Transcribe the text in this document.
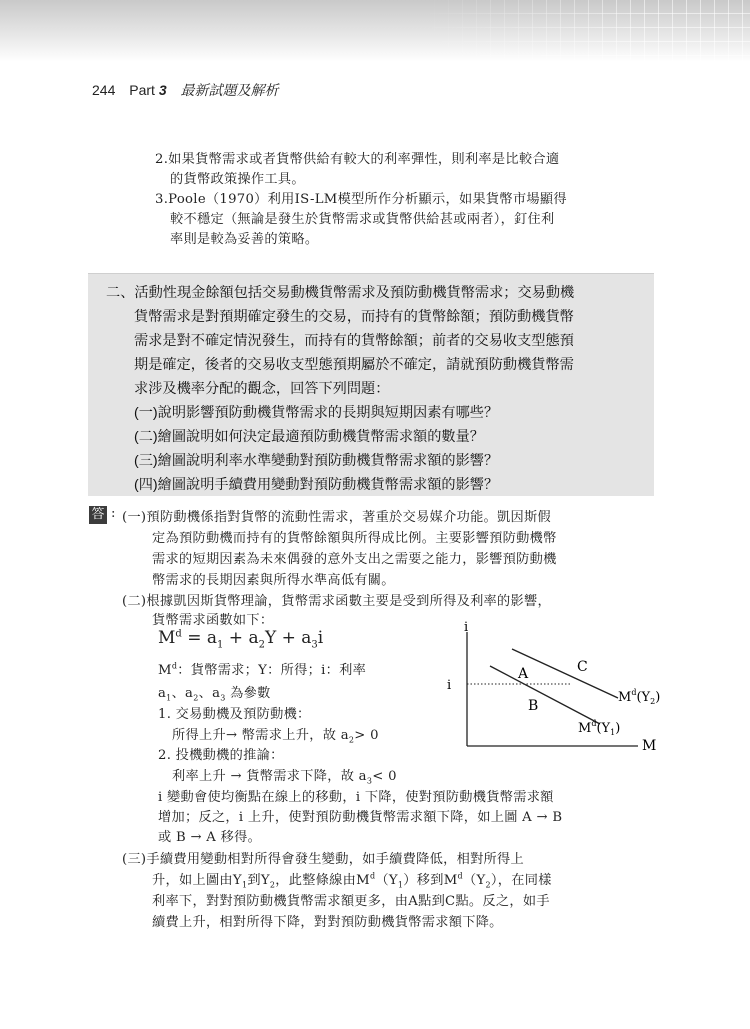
244 Part 3 最新試題及解析
2.如果貨幣需求或者貨幣供給有較大的利率彈性，則利率是比較合適
的貨幣政策操作工具。
3.Poole（1970）利用IS-LM模型所作分析顯示，如果貨幣市場顯得
較不穩定（無論是發生於貨幣需求或貨幣供給甚或兩者），釘住利
率則是較為妥善的策略。
二、活動性現金餘額包括交易動機貨幣需求及預防動機貨幣需求；交易動機
貨幣需求是對預期確定發生的交易，而持有的貨幣餘額；預防動機貨幣
需求是對不確定情況發生，而持有的貨幣餘額；前者的交易收支型態預
期是確定，後者的交易收支型態預期屬於不確定，請就預防動機貨幣需
求涉及機率分配的觀念，回答下列問題：
(一)說明影響預防動機貨幣需求的長期與短期因素有哪些？
(二)繪圖說明如何決定最適預防動機貨幣需求額的數量？
(三)繪圖說明利率水準變動對預防動機貨幣需求額的影響？
(四)繪圖說明手續費用變動對預防動機貨幣需求額的影響？
答 : (一)預防動機係指對貨幣的流動性需求，著重於交易媒介功能。凱因斯假
定為預防動機而持有的貨幣餘額與所得成比例。主要影響預防動機幣
需求的短期因素為未來偶發的意外支出之需要之能力，影響預防動機
幣需求的長期因素與所得水準高低有關。
(二)根據凱因斯貨幣理論，貨幣需求函數主要是受到所得及利率的影響，
貨幣需求函數如下：
$M^d = a_1 + a_2Y + a_3i$
$M^d$：貨幣需求；Y：所得；i：利率
$a_1$、$a_2$、$a_3$ 為參數
1. 交易動機及預防動機：
所得上升→ 幣需求上升，故 $a_2> 0$
2. 投機動機的推論：
利率上升 → 貨幣需求下降，故 $a_3< 0$
i
M
i
A
B
C
$M^d(Y_2)$
$M^d(Y_1)$
i 變動會使均衡點在線上的移動，i 下降，使對預防動機貨幣需求額
增加；反之，i 上升，使對預防動機貨幣需求額下降，如上圖 A → B
或 B → A 移得。
(三)手續費用變動相對所得會發生變動，如手續費降低，相對所得上
升，如上圖由$Y_1$到$Y_2$，此整條線由$M^d(Y_1)$移到$M^d(Y_2)$，在同樣
利率下，對對預防動機貨幣需求額更多，由A點到C點。反之，如手
續費上升，相對所得下降，對對預防動機貨幣需求額下降。
